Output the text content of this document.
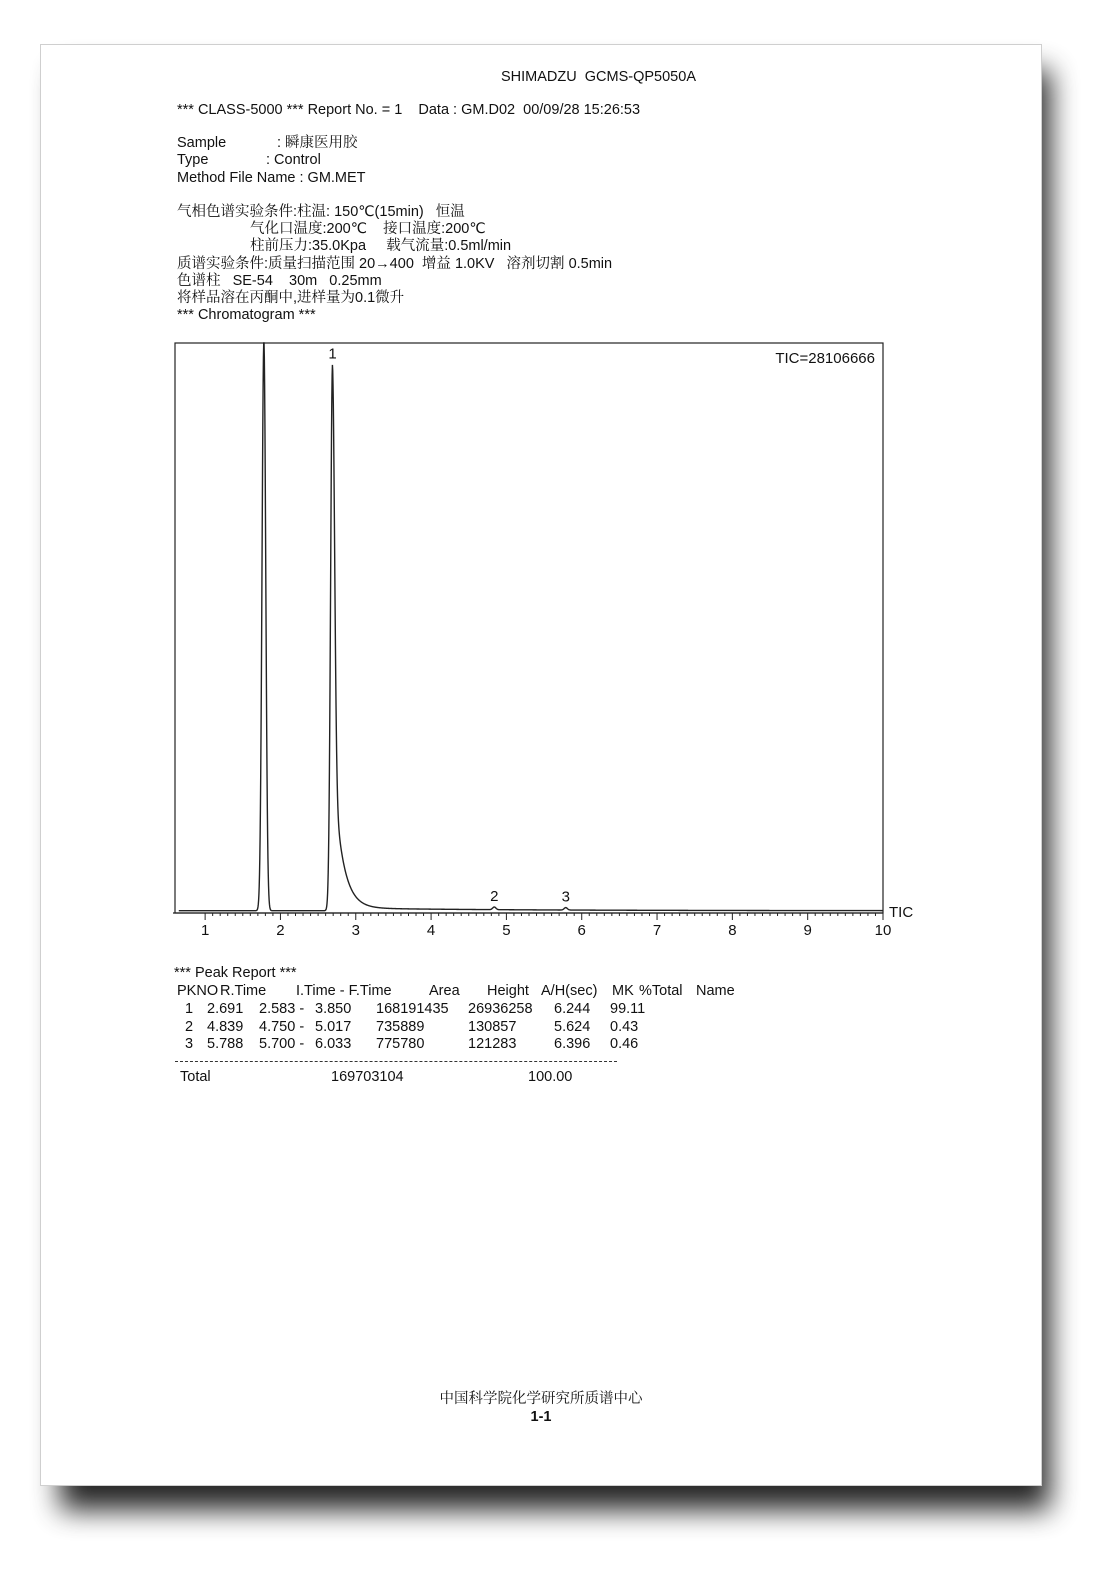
SHIMADZU  GCMS-QP5050A
*** CLASS-5000 *** Report No. = 1    Data : GM.D02  00/09/28 15:26:53
Sample	: 瞬康医用胶
Type	: Control
Method File Name : GM.MET
气相色谱实验条件:柱温: 150℃(15min)   恒温
气化口温度:200℃    接口温度:200℃
柱前压力:35.0Kpa     载气流量:0.5ml/min
质谱实验条件:质量扫描范围 20→400  增益 1.0KV   溶剂切割 0.5min
色谱柱   SE-54    30m   0.25mm
将样品溶在丙酮中,进样量为0.1微升
*** Chromatogram ***
1	2	3	4	5	6	7	8	9	10
1
2	3
TIC=28106666
TIC
*** Peak Report ***
PKNO R.Time I.Time - F.Time	Area Height A/H(sec) MK %Total Name
1 2.691 2.583 - 3.850 168191435 26936258 6.244 99.11
2 4.839 4.750 - 5.017 735889	130857	5.624 0.43
3 5.788 5.700 - 6.033 775780	121283	6.396 0.46
Total	169703104	100.00
中国科学院化学研究所质谱中心
1-1
